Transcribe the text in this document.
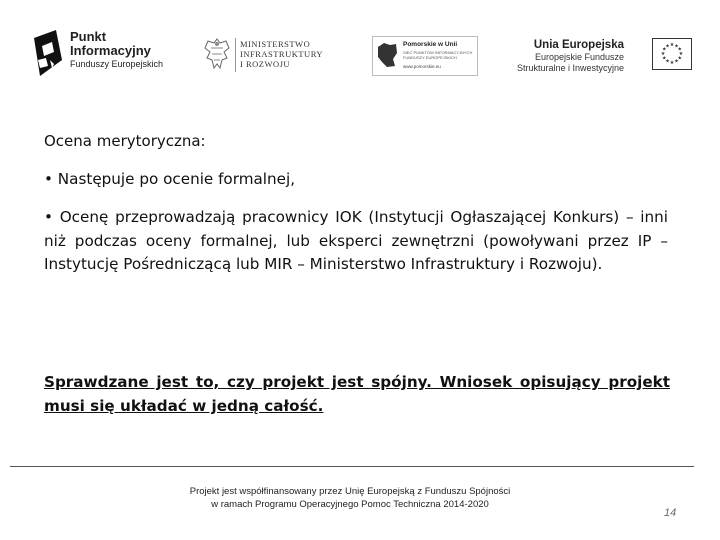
Punkt
Informacyjny
Funduszy Europejskich
MINISTERSTWO
INFRASTRUKTURY
I ROZWOJU
Pomorskie w Unii
SIEĆ PUNKTÓW INFORMACYJNYCH FUNDUSZY EUROPEJSKICH
www.pomorskie.eu
Unia Europejska
Europejskie Fundusze
Strukturalne i Inwestycyjne
★ ★
★
★
★
★
★
★
★
★
★
★
Ocena merytoryczna:
• Następuje po ocenie formalnej,
• Ocenę przeprowadzają pracownicy IOK (Instytucji Ogłaszającej Konkurs) – inni niż podczas oceny formalnej, lub eksperci zewnętrzni (powoływani przez IP – Instytucję Pośredniczącą lub MIR – Ministerstwo Infrastruktury i Rozwoju).
Sprawdzane jest to, czy projekt jest spójny. Wniosek opisujący projekt musi się układać w jedną całość.
Projekt jest współfinansowany przez Unię Europejską z Funduszu Spójności
w ramach Programu Operacyjnego Pomoc Techniczna 2014-2020
14
